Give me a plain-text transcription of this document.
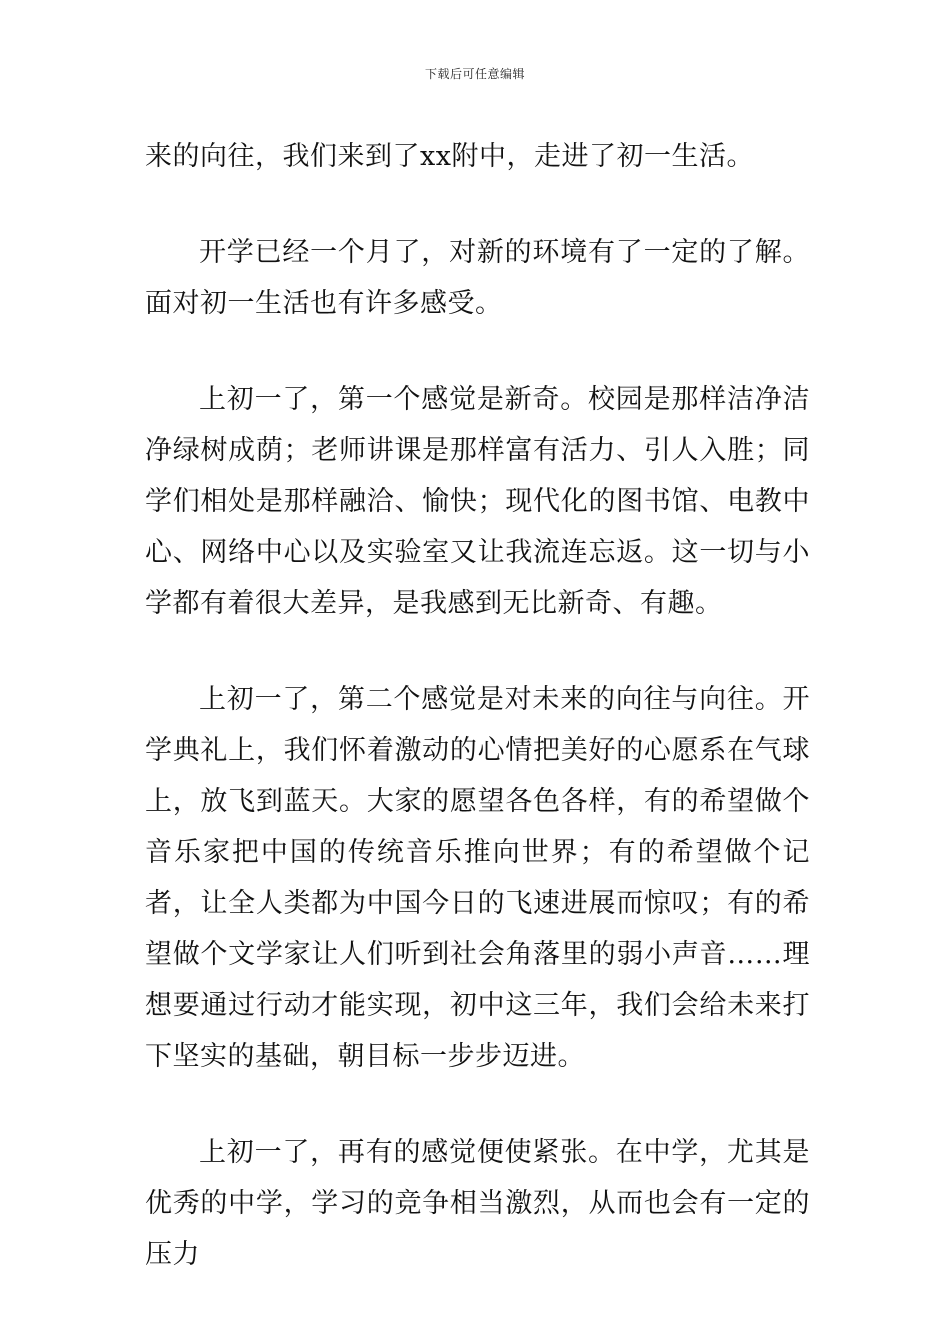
下载后可任意编辑

来的向往，我们来到了xx附中，走进了初一生活。

开学已经一个月了，对新的环境有了一定的了解。面对初一生活也有许多感受。

上初一了，第一个感觉是新奇。校园是那样洁净洁净绿树成荫；老师讲课是那样富有活力、引人入胜；同学们相处是那样融洽、愉快；现代化的图书馆、电教中心、网络中心以及实验室又让我流连忘返。这一切与小学都有着很大差异，是我感到无比新奇、有趣。

上初一了，第二个感觉是对未来的向往与向往。开学典礼上，我们怀着激动的心情把美好的心愿系在气球上，放飞到蓝天。大家的愿望各色各样，有的希望做个音乐家把中国的传统音乐推向世界；有的希望做个记者，让全人类都为中国今日的飞速进展而惊叹；有的希望做个文学家让人们听到社会角落里的弱小声音……理想要通过行动才能实现，初中这三年，我们会给未来打下坚实的基础，朝目标一步步迈进。

上初一了，再有的感觉便使紧张。在中学，尤其是优秀的中学，学习的竞争相当激烈，从而也会有一定的压力
